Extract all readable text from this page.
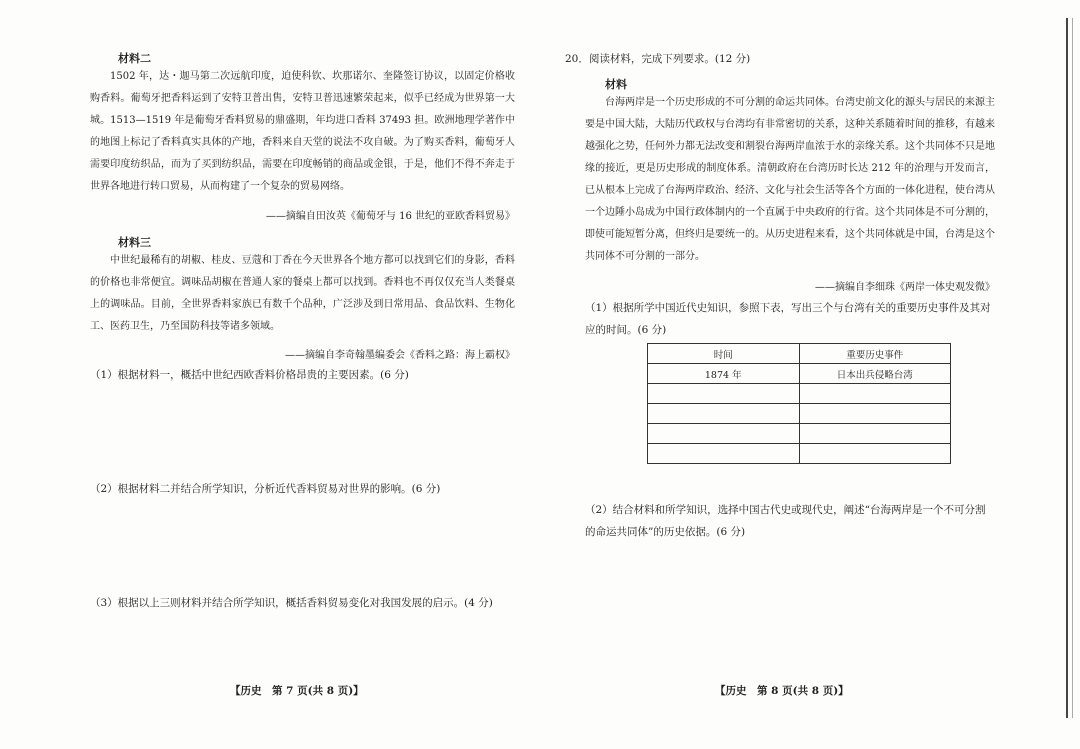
材料二

1502 年，达・迦马第二次远航印度，迫使科钦、坎那诺尔、奎隆签订协议，以固定价格收购香料。葡萄牙把香料运到了安特卫普出售，安特卫普迅速繁荣起来，似乎已经成为世界第一大城。1513—1519 年是葡萄牙香料贸易的鼎盛期，年均进口香料 37493 担。欧洲地理学著作中的地图上标记了香料真实具体的产地，香料来自天堂的说法不攻自破。为了购买香料，葡萄牙人需要印度纺织品，而为了买到纺织品，需要在印度畅销的商品或金银，于是，他们不得不奔走于世界各地进行转口贸易，从而构建了一个复杂的贸易网络。

——摘编自田汝英《葡萄牙与 16 世纪的亚欧香料贸易》

材料三

中世纪最稀有的胡椒、桂皮、豆蔻和丁香在今天世界各个地方都可以找到它们的身影，香料的价格也非常便宜。调味品胡椒在普通人家的餐桌上都可以找到。香料也不再仅仅充当人类餐桌上的调味品。目前，全世界香料家族已有数千个品种，广泛涉及到日常用品、食品饮料、生物化工、医药卫生，乃至国防科技等诸多领域。

——摘编自李奇翰墨编委会《香料之路：海上霸权》
（1）根据材料一，概括中世纪西欧香料价格昂贵的主要因素。(6 分)
（2）根据材料二并结合所学知识，分析近代香料贸易对世界的影响。(6 分)
（3）根据以上三则材料并结合所学知识，概括香料贸易变化对我国发展的启示。(4 分)
【历史　第 7 页(共 8 页)】
20．阅读材料，完成下列要求。(12 分)

材料

台海两岸是一个历史形成的不可分割的命运共同体。台湾史前文化的源头与居民的来源主要是中国大陆，大陆历代政权与台湾均有非常密切的关系，这种关系随着时间的推移，有越来越强化之势，任何外力都无法改变和割裂台海两岸血浓于水的亲缘关系。这个共同体不只是地缘的接近，更是历史形成的制度体系。清朝政府在台湾历时长达 212 年的治理与开发而言，已从根本上完成了台海两岸政治、经济、文化与社会生活等各个方面的一体化进程，使台湾从一个边陲小岛成为中国行政体制内的一个直属于中央政府的行省。这个共同体是不可分割的，即使可能短暂分离，但终归是要统一的。从历史进程来看，这个共同体就是中国，台湾是这个共同体不可分割的一部分。

——摘编自李细珠《两岸一体史观发微》
（1）根据所学中国近代史知识，参照下表，写出三个与台湾有关的重要历史事件及其对应的时间。(6 分)
时间	重要历史事件
1874 年	日本出兵侵略台湾

（2）结合材料和所学知识，选择中国古代史或现代史，阐述“台海两岸是一个不可分割的命运共同体”的历史依据。(6 分)
【历史　第 8 页(共 8 页)】
